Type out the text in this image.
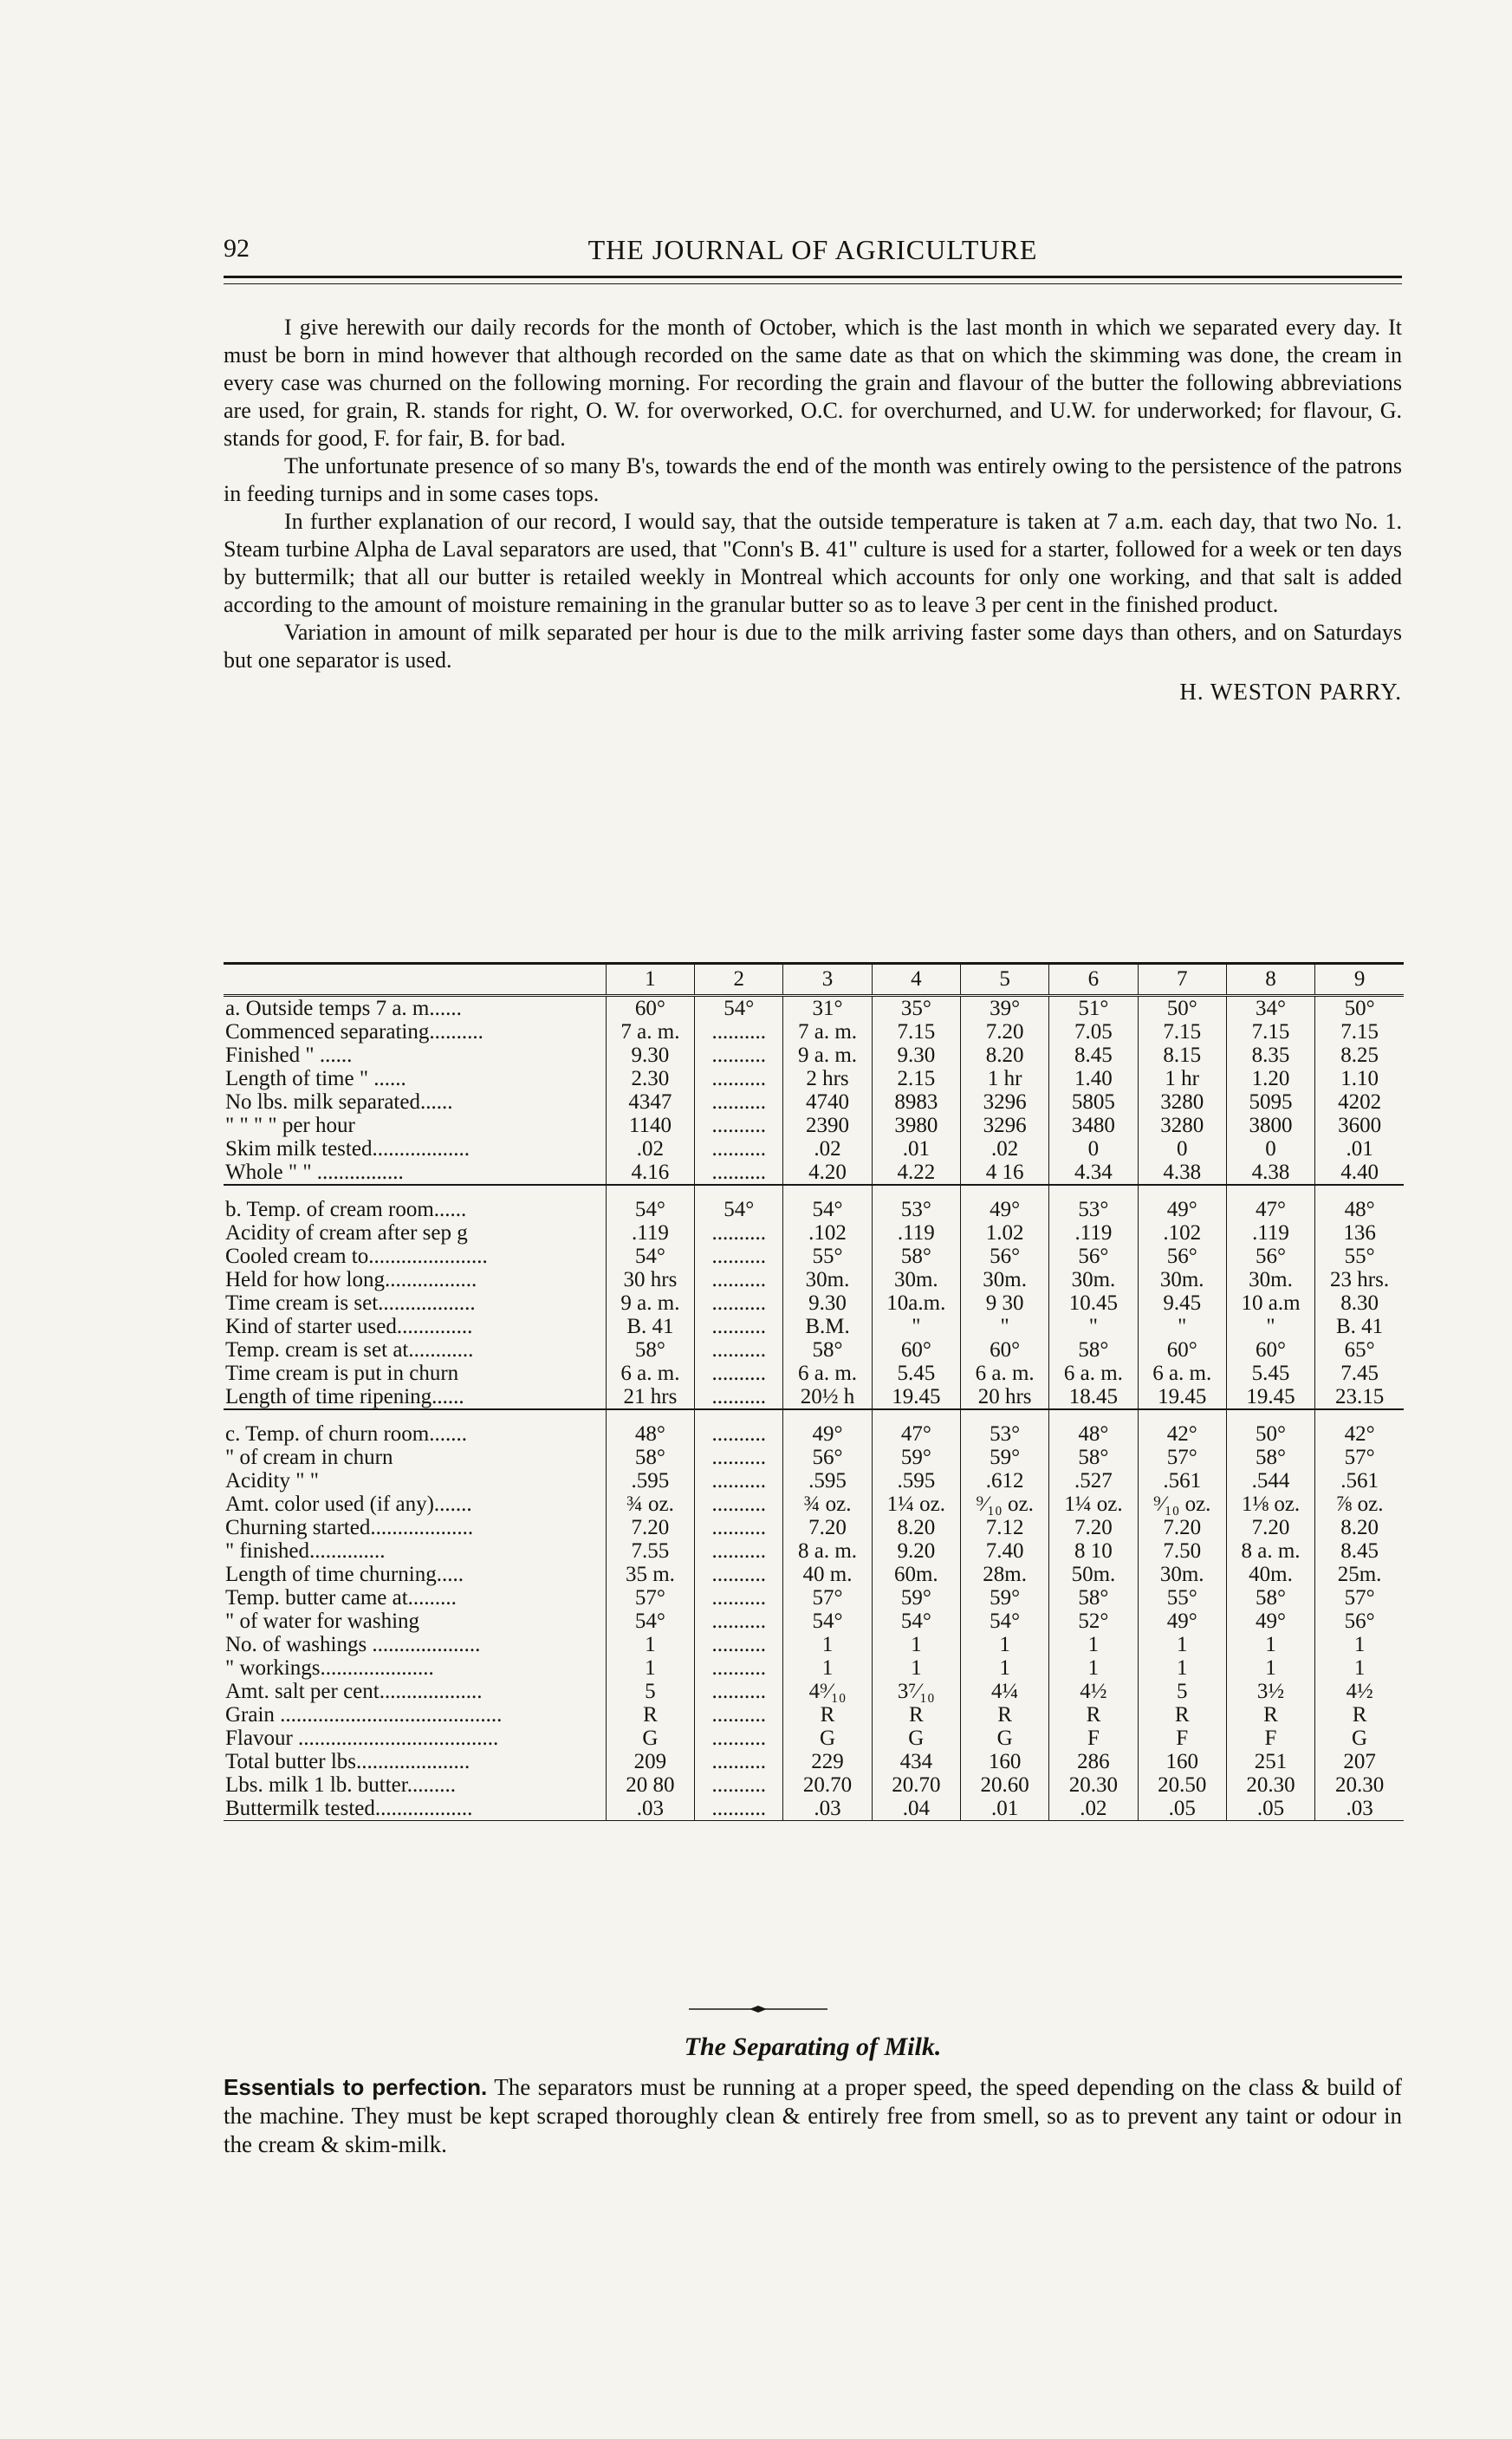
92	THE JOURNAL OF AGRICULTURE

I give herewith our daily records for the month of October, which is the last month in which we separated every day. It must be born in mind however that although recorded on the same date as that on which the skimming was done, the cream in every case was churned on the following morning. For recording the grain and flavour of the butter the following abbreviations are used, for grain, R. stands for right, O. W. for overworked, O.C. for overchurned, and U.W. for underworked; for flavour, G. stands for good, F. for fair, B. for bad.

The unfortunate presence of so many B's, towards the end of the month was entirely owing to the persistence of the patrons in feeding turnips and in some cases tops.

In further explanation of our record, I would say, that the outside temperature is taken at 7 a.m. each day, that two No. 1. Steam turbine Alpha de Laval separators are used, that "Conn's B. 41" culture is used for a starter, followed for a week or ten days by buttermilk; that all our butter is retailed weekly in Montreal which accounts for only one working, and that salt is added according to the amount of moisture remaining in the granular butter so as to leave 3 per cent in the finished product.

Variation in amount of milk separated per hour is due to the milk arriving faster some days than others, and on Saturdays but one separator is used.

H. WESTON PARRY.
	1	2	3	4	5	6	7	8	9
a. Outside temps 7 a. m......	60°	54°	31°	35°	39°	51°	50°	34°	50°
Commenced separating..........	7 a. m.	..........	7 a. m.	7.15	7.20	7.05	7.15	7.15	7.15
Finished " ......	9.30	..........	9 a. m.	9.30	8.20	8.45	8.15	8.35	8.25
Length of time " ......	2.30	..........	2 hrs	2.15	1 hr	1.40	1 hr	1.20	1.10
No lbs. milk separated......	4347	..........	4740	8983	3296	5805	3280	5095	4202
" " " " per hour	1140	..........	2390	3980	3296	3480	3280	3800	3600
Skim milk tested..................	.02	..........	.02	.01	.02	0	0	0	.01
Whole " " ................	4.16	..........	4.20	4.22	4 16	4.34	4.38	4.38	4.40

b. Temp. of cream room......	54°	54°	54°	53°	49°	53°	49°	47°	48°
Acidity of cream after sep g	.119	..........	.102	.119	1.02	.119	.102	.119	136
Cooled cream to......................	54°	..........	55°	58°	56°	56°	56°	56°	55°
Held for how long.................	30 hrs	..........	30m.	30m.	30m.	30m.	30m.	30m.	23 hrs.
Time cream is set..................	9 a. m.	..........	9.30	10a.m.	9 30	10.45	9.45	10 a.m	8.30
Kind of starter used..............	B. 41	..........	B.M.	"	"	"	"	"	B. 41
Temp. cream is set at............	58°	..........	58°	60°	60°	58°	60°	60°	65°
Time cream is put in churn	6 a. m.	..........	6 a. m.	5.45	6 a. m.	6 a. m.	6 a. m.	5.45	7.45
Length of time ripening......	21 hrs	..........	20½ h	19.45	20 hrs	18.45	19.45	19.45	23.15

c. Temp. of churn room.......	48°	..........	49°	47°	53°	48°	42°	50°	42°
" of cream in churn	58°	..........	56°	59°	59°	58°	57°	58°	57°
Acidity " "	.595	..........	.595	.595	.612	.527	.561	.544	.561
Amt. color used (if any).......	¾ oz.	..........	¾ oz.	1¼ oz.	⁹⁄₁₀ oz.	1¼ oz.	⁹⁄₁₀ oz.	1⅛ oz.	⅞ oz.
Churning started...................	7.20	..........	7.20	8.20	7.12	7.20	7.20	7.20	8.20
" finished..............	7.55	..........	8 a. m.	9.20	7.40	8 10	7.50	8 a. m.	8.45
Length of time churning.....	35 m.	..........	40 m.	60m.	28m.	50m.	30m.	40m.	25m.
Temp. butter came at.........	57°	..........	57°	59°	59°	58°	55°	58°	57°
" of water for washing	54°	..........	54°	54°	54°	52°	49°	49°	56°
No. of washings ....................	1	..........	1	1	1	1	1	1	1
" workings.....................	1	..........	1	1	1	1	1	1	1
Amt. salt per cent...................	5	..........	4⁹⁄₁₀	3⁷⁄₁₀	4¼	4½	5	3½	4½
Grain .........................................	R	..........	R	R	R	R	R	R	R
Flavour .....................................	G	..........	G	G	G	F	F	F	G
Total butter lbs.....................	209	..........	229	434	160	286	160	251	207
Lbs. milk 1 lb. butter.........	20 80	..........	20.70	20.70	20.60	20.30	20.50	20.30	20.30
Buttermilk tested..................	.03	..........	.03	.04	.01	.02	.05	.05	.03
The Separating of Milk.

Essentials to perfection. The separators must be running at a proper speed, the speed depending on the class & build of the machine. They must be kept scraped thoroughly clean & entirely free from smell, so as to prevent any taint or odour in the cream & skim-milk.
